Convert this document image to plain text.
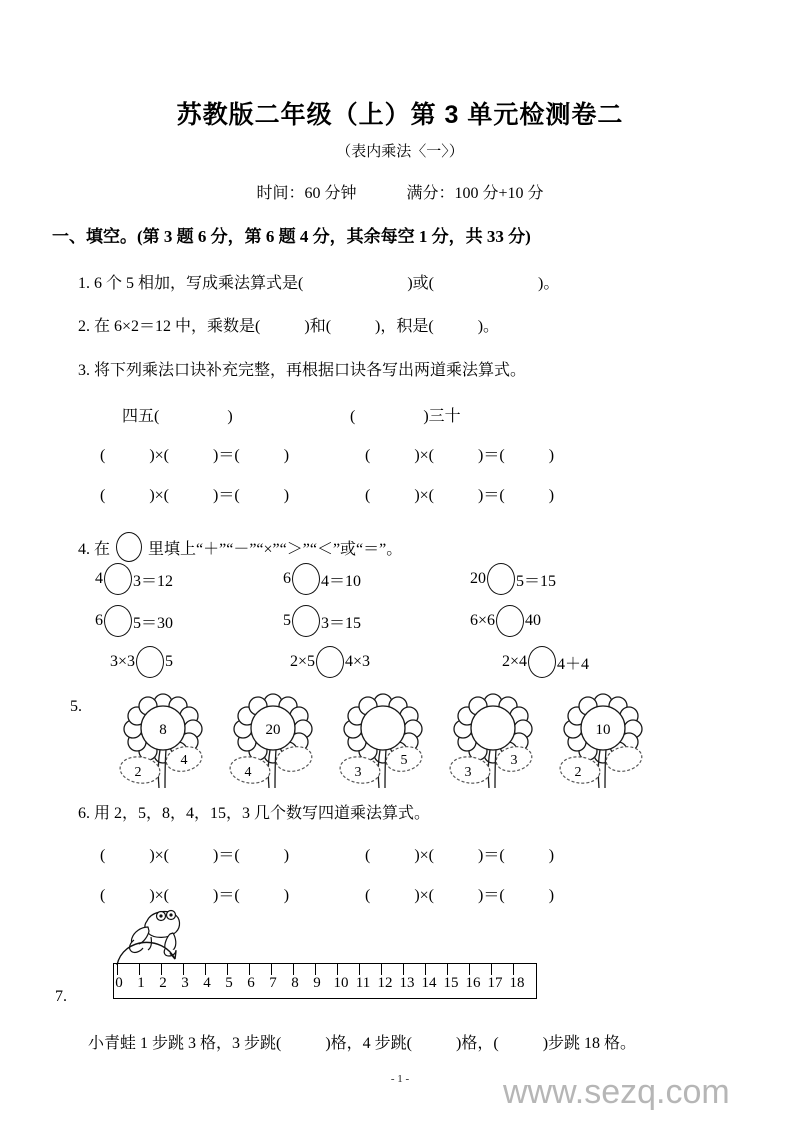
苏教版二年级（上）第 3 单元检测卷二
（表内乘法〈一〉）
时间：60 分钟	满分：100 分+10 分
一、填空。(第 3 题 6 分，第 6 题 4 分，其余每空 1 分，共 33 分)
1. 6 个 5 相加，写成乘法算式是(	)或(	)。
2. 在 6×2＝12 中，乘数是(	)和(	)，积是(	)。
3. 将下列乘法口诀补充完整，再根据口诀各写出两道乘法算式。
四五(	)	(	)三十
(	)×(	)＝(	)	(	)×(	)＝(	)
(	)×(	)＝(	)	(	)×(	)＝(	)
4. 在 里填上“＋”“－”“×”“＞”“＜”或“＝”。
4 3＝12	6 4＝10	20 5＝15
6 5＝30	5 3＝15	6×6 40
3×3 5	2×5 4×3	2×4 4＋4
5.
8
4
2
20
4
5
3
3
3
10
2
6. 用 2，5，8，4，15，3 几个数写四道乘法算式。
(	)×(	)＝(	)	(	)×(	)＝(	)
(	)×(	)＝(	)	(	)×(	)＝(	)
0 1 2 3 4 5 6 7 8 9 10 11 12 13 14 15 16 17 18
7.
小青蛙 1 步跳 3 格，3 步跳(	)格，4 步跳(	)格，(	)步跳 18 格。
- 1 -	www.sezq.com
